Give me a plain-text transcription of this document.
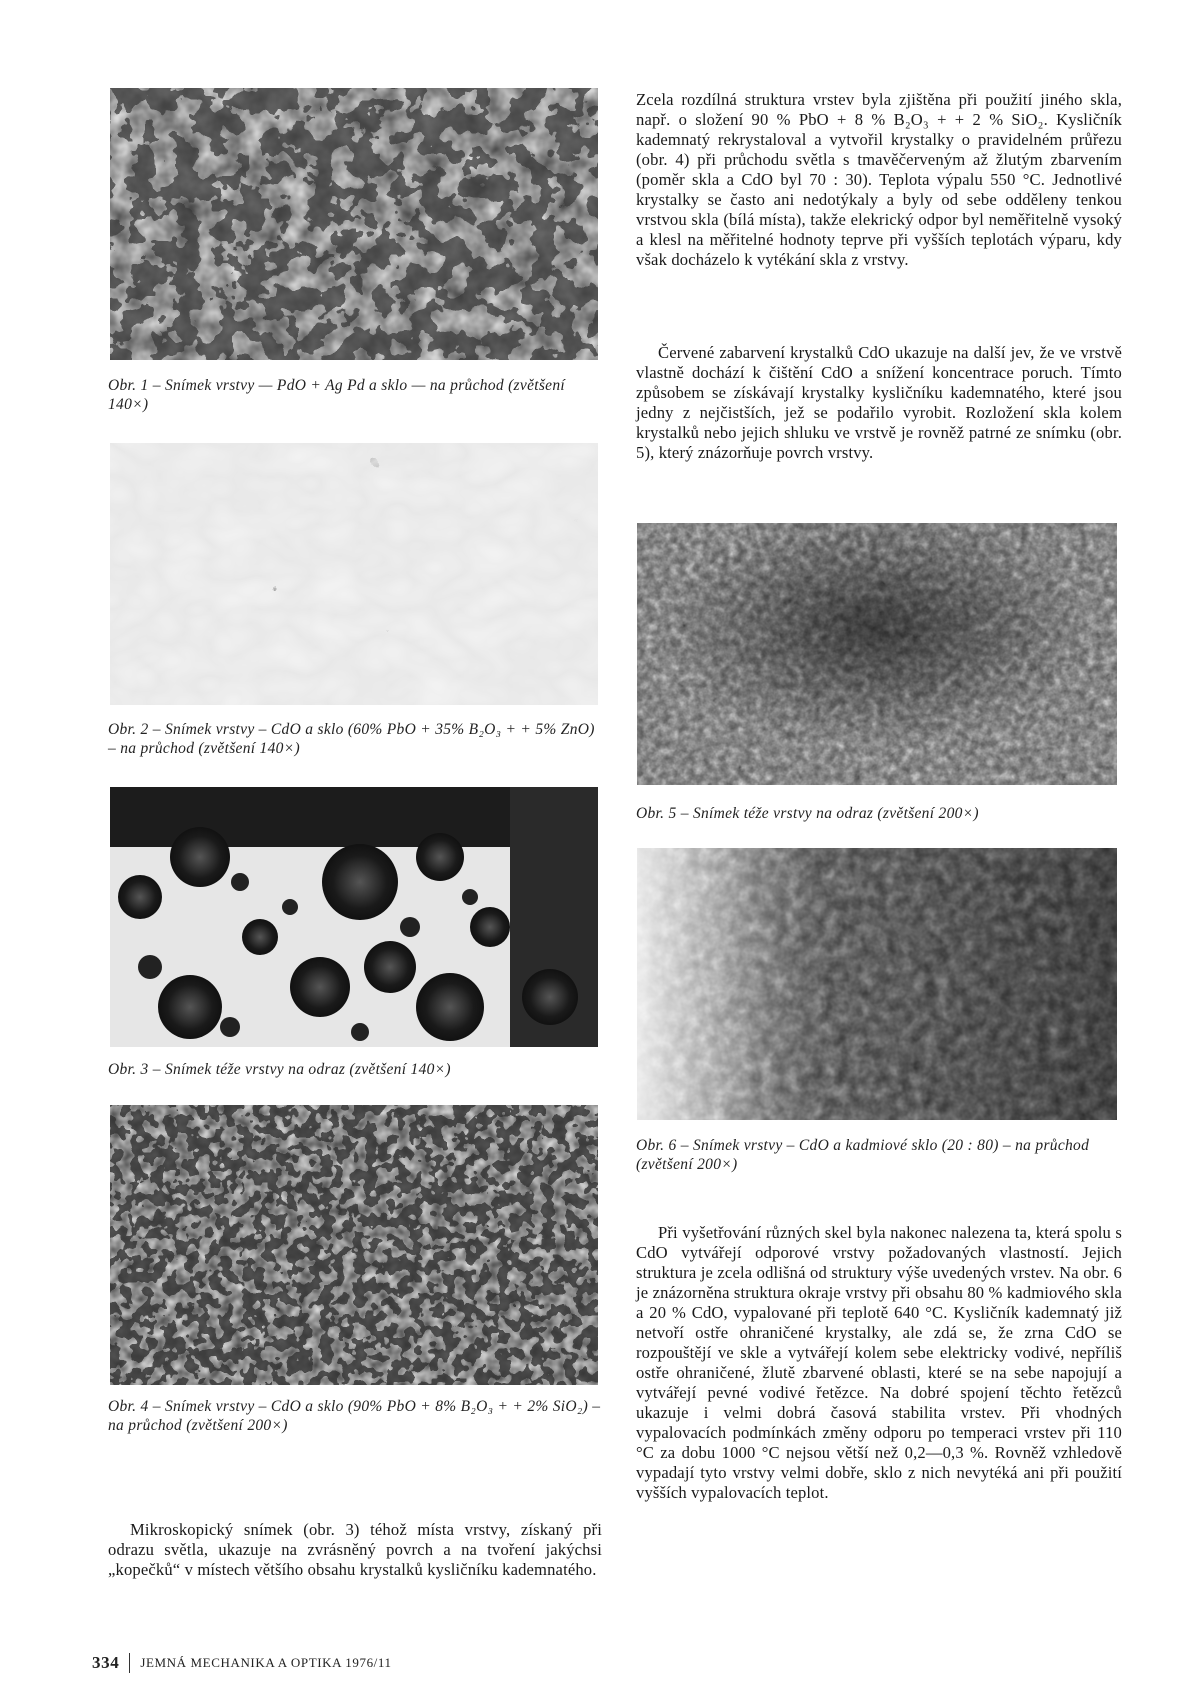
Obr. 1 – Snímek vrstvy — PdO + Ag Pd a sklo — na průchod (zvětšení 140×)
Obr. 2 – Snímek vrstvy – CdO a sklo (60% PbO + 35% B₂O₃ + + 5% ZnO) – na průchod (zvětšení 140×)
Obr. 3 – Snímek téže vrstvy na odraz (zvětšení 140×)
Obr. 4 – Snímek vrstvy – CdO a sklo (90% PbO + 8% B₂O₃ + + 2% SiO₂) – na průchod (zvětšení 200×)
Obr. 5 – Snímek téže vrstvy na odraz (zvětšení 200×)
Obr. 6 – Snímek vrstvy – CdO a kadmiové sklo (20 : 80) – na průchod (zvětšení 200×)

Zcela rozdílná struktura vrstev byla zjištěna při použití jiného skla, např. o složení 90 % PbO + 8 % B₂O₃ + + 2 % SiO₂. Kysličník kademnatý rekrystaloval a vytvořil krystalky o pravidelném průřezu (obr. 4) při průchodu světla s tmavěčerveným až žlutým zbarvením (poměr skla a CdO byl 70 : 30). Teplota výpalu 550 °C. Jednotlivé krystalky se často ani nedotýkaly a byly od sebe odděleny tenkou vrstvou skla (bílá místa), takže elekrický odpor byl neměřitelně vysoký a klesl na měřitelné hodnoty teprve při vyšších teplotách výparu, kdy však docházelo k vytékání skla z vrstvy.

Červené zabarvení krystalků CdO ukazuje na další jev, že ve vrstvě vlastně dochází k čištění CdO a snížení koncentrace poruch. Tímto způsobem se získávají krystalky kysličníku kademnatého, které jsou jedny z nejčistších, jež se podařilo vyrobit. Rozložení skla kolem krystalků nebo jejich shluku ve vrstvě je rovněž patrné ze snímku (obr. 5), který znázorňuje povrch vrstvy.

Při vyšetřování různých skel byla nakonec nalezena ta, která spolu s CdO vytvářejí odporové vrstvy požadovaných vlastností. Jejich struktura je zcela odlišná od struktury výše uvedených vrstev. Na obr. 6 je znázorněna struktura okraje vrstvy při obsahu 80 % kadmiového skla a 20 % CdO, vypalované při teplotě 640 °C. Kysličník kademnatý již netvoří ostře ohraničené krystalky, ale zdá se, že zrna CdO se rozpouštějí ve skle a vytvářejí kolem sebe elektricky vodivé, nepříliš ostře ohraničené, žlutě zbarvené oblasti, které se na sebe napojují a vytvářejí pevné vodivé řetězce. Na dobré spojení těchto řetězců ukazuje i velmi dobrá časová stabilita vrstev. Při vhodných vypalovacích podmínkách změny odporu po temperaci vrstev při 110 °C za dobu 1000 °C nejsou větší než 0,2—0,3 %. Rovněž vzhledově vypadají tyto vrstvy velmi dobře, sklo z nich nevytéká ani při použití vyšších vypalovacích teplot.

Mikroskopický snímek (obr. 3) téhož místa vrstvy, získaný při odrazu světla, ukazuje na zvrásněný povrch a na tvoření jakýchsi „kopečků“ v místech většího obsahu krystalků kysličníku kademnatého.

334 JEMNÁ MECHANIKA A OPTIKA 1976/11
